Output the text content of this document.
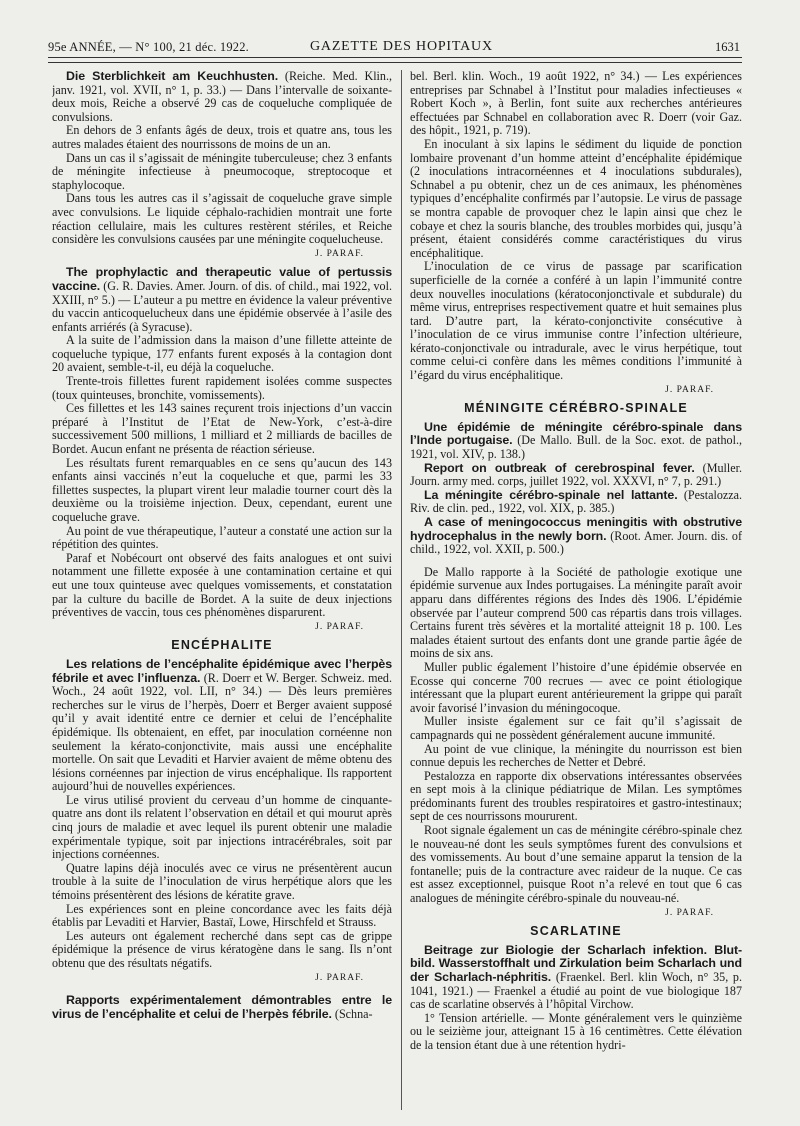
95e ANNÉE, — N° 100, 21 déc. 1922.	GAZETTE DES HOPITAUX	1631

Die Sterblichkeit am Keuchhusten. (Reiche. Med. Klin., janv. 1921, vol. XVII, n° 1, p. 33.) — Dans l’intervalle de soixante-deux mois, Reiche a observé 29 cas de coqueluche compliquée de convulsions.

En dehors de 3 enfants âgés de deux, trois et quatre ans, tous les autres malades étaient des nourrissons de moins de un an.

Dans un cas il s’agissait de méningite tuberculeuse; chez 3 enfants de méningite infectieuse à pneumocoque, streptocoque et staphylocoque.

Dans tous les autres cas il s’agissait de coqueluche grave simple avec convulsions. Le liquide céphalo-rachidien montrait une forte réaction cellulaire, mais les cultures restèrent stériles, et Reiche considère les convulsions causées par une méningite coquelucheuse.

J. PARAF.

The prophylactic and therapeutic value of pertussis vaccine. (G. R. Davies. Amer. Journ. of dis. of child., mai 1922, vol. XXIII, n° 5.) — L’auteur a pu mettre en évidence la valeur préventive du vaccin anticoquelucheux dans une épidémie observée à l’asile des enfants arriérés (à Syracuse).

A la suite de l’admission dans la maison d’une fillette atteinte de coqueluche typique, 177 enfants furent exposés à la contagion dont 20 avaient, semble-t-il, eu déjà la coqueluche.

Trente-trois fillettes furent rapidement isolées comme suspectes (toux quinteuses, bronchite, vomissements).

Ces fillettes et les 143 saines reçurent trois injections d’un vaccin préparé à l’Institut de l’Etat de New-York, c’est-à-dire successivement 500 millions, 1 milliard et 2 milliards de bacilles de Bordet. Aucun enfant ne présenta de réaction sérieuse.

Les résultats furent remarquables en ce sens qu’aucun des 143 enfants ainsi vaccinés n’eut la coqueluche et que, parmi les 33 fillettes suspectes, la plupart virent leur maladie tourner court dès la deuxième ou la troisième injection. Deux, cependant, eurent une coqueluche grave.

Au point de vue thérapeutique, l’auteur a constaté une action sur la répétition des quintes.

Paraf et Nobécourt ont observé des faits analogues et ont suivi notamment une fillette exposée à une contamination certaine et qui eut une toux quinteuse avec quelques vomissements, et constatation par la culture du bacille de Bordet. A la suite de deux injections préventives de vaccin, tous ces phénomènes disparurent.

J. PARAF.
ENCÉPHALITE

Les relations de l’encéphalite épidémique avec l’herpès fébrile et avec l’influenza. (R. Doerr et W. Berger. Schweiz. med. Woch., 24 août 1922, vol. LII, n° 34.) — Dès leurs premières recherches sur le virus de l’herpès, Doerr et Berger avaient supposé qu’il y avait identité entre ce dernier et celui de l’encéphalite épidémique. Ils obtenaient, en effet, par inoculation cornéenne non seulement la kérato-conjonctivite, mais aussi une encéphalite mortelle. On sait que Levaditi et Harvier avaient de même obtenu des lésions cornéennes par injection de virus encéphalique. Ils rapportent aujourd’hui de nouvelles expériences.

Le virus utilisé provient du cerveau d’un homme de cinquante-quatre ans dont ils relatent l’observation en détail et qui mourut après cinq jours de maladie et avec lequel ils purent obtenir une maladie expérimentale typique, soit par injections intracérébrales, soit par injections cornéennes.

Quatre lapins déjà inoculés avec ce virus ne présentèrent aucun trouble à la suite de l’inoculation de virus herpétique alors que les témoins présentèrent des lésions de kératite grave.

Les expériences sont en pleine concordance avec les faits déjà établis par Levaditi et Harvier, Bastaï, Lowe, Hirschfeld et Strauss.

Les auteurs ont également recherché dans sept cas de grippe épidémique la présence de virus kératogène dans le sang. Ils n’ont obtenu que des résultats négatifs.

J. PARAF.

Rapports expérimentalement démontrables entre le virus de l’encéphalite et celui de l’herpès fébrile. (Schna-

bel. Berl. klin. Woch., 19 août 1922, n° 34.) — Les expériences entreprises par Schnabel à l’Institut pour maladies infectieuses « Robert Koch », à Berlin, font suite aux recherches antérieures effectuées par Schnabel en collaboration avec R. Doerr (voir Gaz. des hôpit., 1921, p. 719).

En inoculant à six lapins le sédiment du liquide de ponction lombaire provenant d’un homme atteint d’encéphalite épidémique (2 inoculations intracornéennes et 4 inoculations subdurales), Schnabel a pu obtenir, chez un de ces animaux, les phénomènes typiques d’encéphalite confirmés par l’autopsie. Le virus de passage se montra capable de provoquer chez le lapin ainsi que chez le cobaye et chez la souris blanche, des troubles morbides qui, jusqu’à présent, étaient considérés comme caractéristiques du virus encéphalitique.

L’inoculation de ce virus de passage par scarification superficielle de la cornée a conféré à un lapin l’immunité contre deux nouvelles inoculations (kératoconjonctivale et subdurale) du même virus, entreprises respectivement quatre et huit semaines plus tard. D’autre part, la kérato-conjonctivite consécutive à l’inoculation de ce virus immunise contre l’infection ultérieure, kérato-conjonctivale ou intradurale, avec le virus herpétique, tout comme celui-ci confère dans les mêmes conditions l’immunité à l’égard du virus encéphalitique.

J. PARAF.
MÉNINGITE CÉRÉBRO-SPINALE

Une épidémie de méningite cérébro-spinale dans l’Inde portugaise. (De Mallo. Bull. de la Soc. exot. de pathol., 1921, vol. XIV, p. 138.)

Report on outbreak of cerebrospinal fever. (Muller. Journ. army med. corps, juillet 1922, vol. XXXVI, n° 7, p. 291.)

La méningite cérébro-spinale nel lattante. (Pestalozza. Riv. de clin. ped., 1922, vol. XIX, p. 385.)

A case of meningococcus meningitis with obstrutive hydrocephalus in the newly born. (Root. Amer. Journ. dis. of child., 1922, vol. XXII, p. 500.)

De Mallo rapporte à la Société de pathologie exotique une épidémie survenue aux Indes portugaises. La méningite paraît avoir apparu dans différentes régions des Indes dès 1906. L’épidémie observée par l’auteur comprend 500 cas répartis dans trois villages. Certains furent très sévères et la mortalité atteignit 18 p. 100. Les malades étaient surtout des enfants dont une grande partie âgée de moins de six ans.

Muller public également l’histoire d’une épidémie observée en Ecosse qui concerne 700 recrues — avec ce point étiologique intéressant que la plupart eurent antérieurement la grippe qui paraît avoir favorisé l’invasion du méningocoque.

Muller insiste également sur ce fait qu’il s’agissait de campagnards qui ne possèdent généralement aucune immunité.

Au point de vue clinique, la méningite du nourrisson est bien connue depuis les recherches de Netter et Debré.

Pestalozza en rapporte dix observations intéressantes observées en sept mois à la clinique pédiatrique de Milan. Les symptômes prédominants furent des troubles respiratoires et gastro-intestinaux; sept de ces nourrissons moururent.

Root signale également un cas de méningite cérébro-spinale chez le nouveau-né dont les seuls symptômes furent des convulsions et des vomissements. Au bout d’une semaine apparut la tension de la fontanelle; puis de la contracture avec raideur de la nuque. Ce cas est assez exceptionnel, puisque Root n’a relevé en tout que 6 cas analogues de méningite cérébro-spinale du nouveau-né.

J. PARAF.
SCARLATINE

Beitrage zur Biologie der Scharlach infektion. Blut-bild. Wasserstoffhalt und Zirkulation beim Scharlach und der Scharlach-néphritis. (Fraenkel. Berl. klin Woch, n° 35, p. 1041, 1921.) — Fraenkel a étudié au point de vue biologique 187 cas de scarlatine observés à l’hôpital Virchow.

1° Tension artérielle. — Monte généralement vers le quinzième ou le seizième jour, atteignant 15 à 16 centimètres. Cette élévation de la tension étant due à une rétention hydri-
